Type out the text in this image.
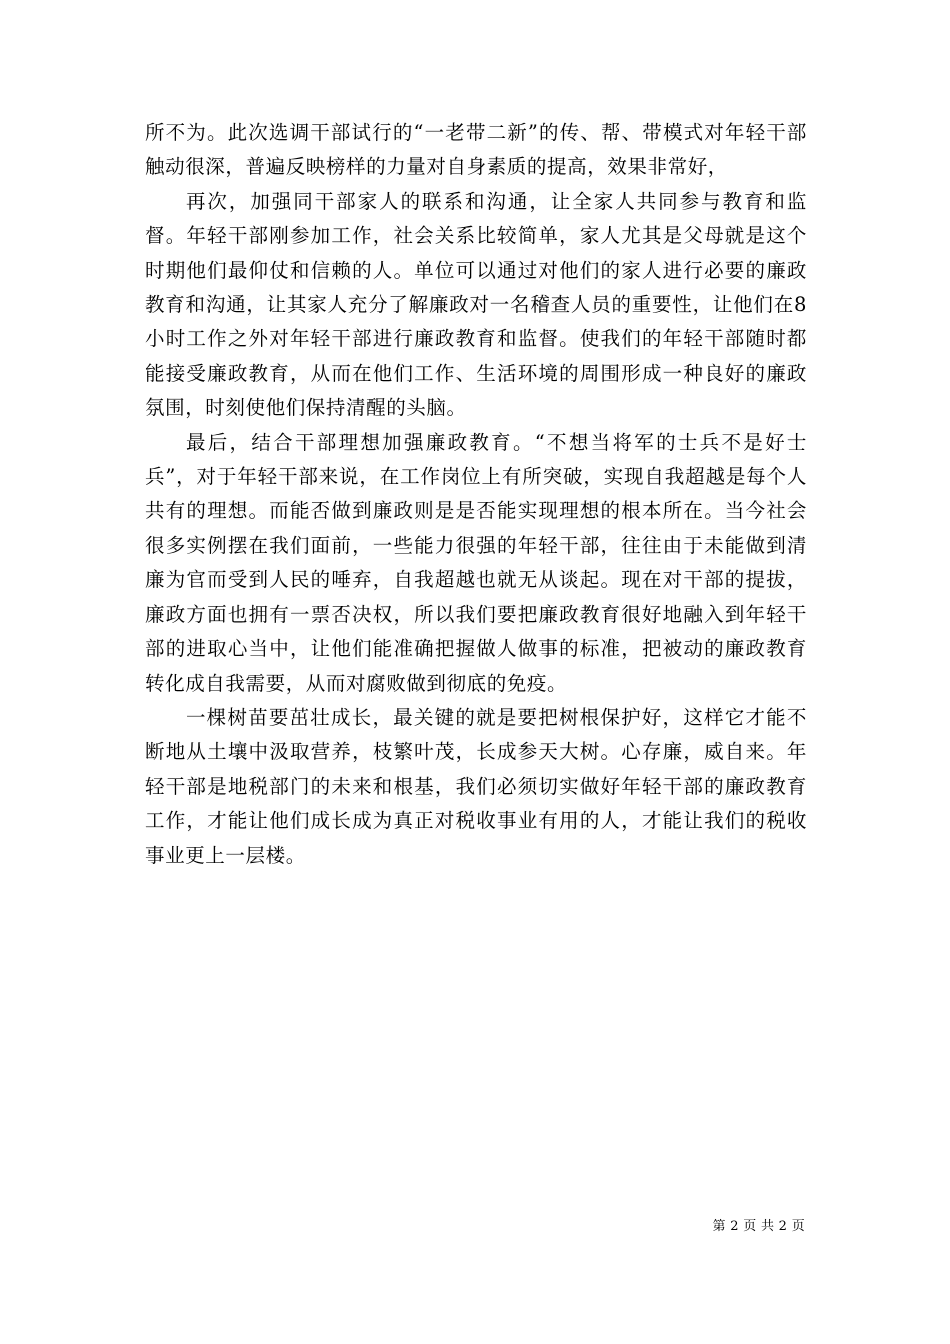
所不为。此次选调干部试行的“一老带二新”的传、帮、带模式对年轻干部触动很深，普遍反映榜样的力量对自身素质的提高，效果非常好，

再次，加强同干部家人的联系和沟通，让全家人共同参与教育和监督。年轻干部刚参加工作，社会关系比较简单，家人尤其是父母就是这个时期他们最仰仗和信赖的人。单位可以通过对他们的家人进行必要的廉政教育和沟通，让其家人充分了解廉政对一名稽查人员的重要性，让他们在8小时工作之外对年轻干部进行廉政教育和监督。使我们的年轻干部随时都能接受廉政教育，从而在他们工作、生活环境的周围形成一种良好的廉政氛围，时刻使他们保持清醒的头脑。

最后，结合干部理想加强廉政教育。“不想当将军的士兵不是好士兵”，对于年轻干部来说，在工作岗位上有所突破，实现自我超越是每个人共有的理想。而能否做到廉政则是是否能实现理想的根本所在。当今社会很多实例摆在我们面前，一些能力很强的年轻干部，往往由于未能做到清廉为官而受到人民的唾弃，自我超越也就无从谈起。现在对干部的提拔，廉政方面也拥有一票否决权，所以我们要把廉政教育很好地融入到年轻干部的进取心当中，让他们能准确把握做人做事的标准，把被动的廉政教育转化成自我需要，从而对腐败做到彻底的免疫。

一棵树苗要茁壮成长，最关键的就是要把树根保护好，这样它才能不断地从土壤中汲取营养，枝繁叶茂，长成参天大树。心存廉，威自来。年轻干部是地税部门的未来和根基，我们必须切实做好年轻干部的廉政教育工作，才能让他们成长成为真正对税收事业有用的人，才能让我们的税收事业更上一层楼。

第 2 页 共 2 页
